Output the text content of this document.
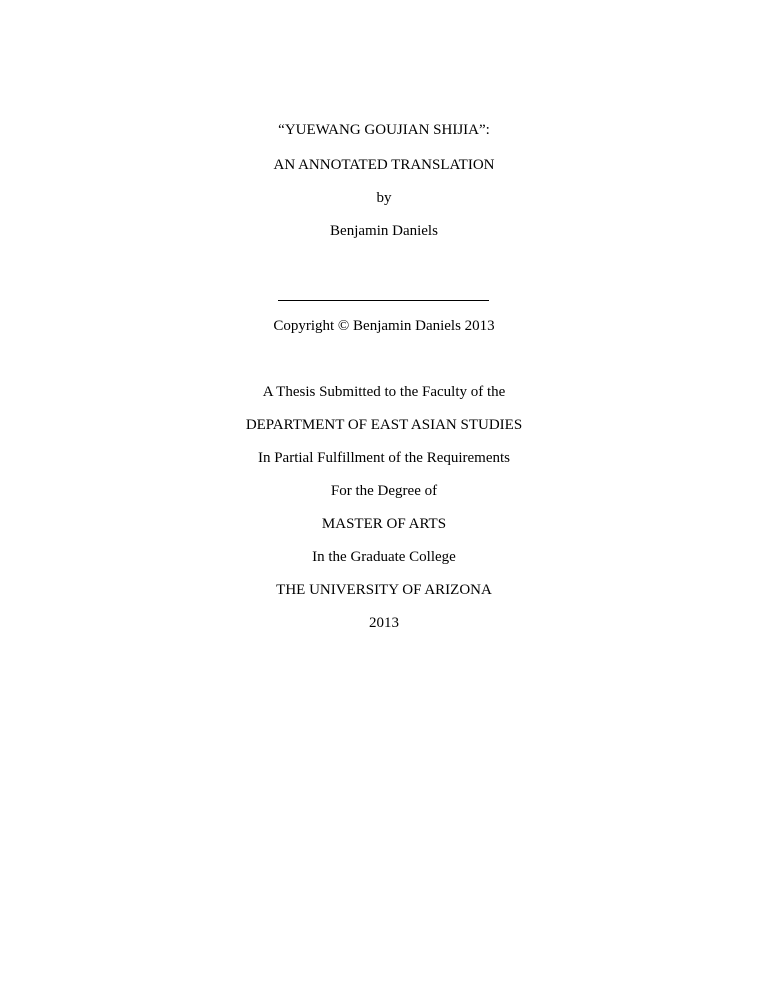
“YUEWANG GOUJIAN SHIJIA”:
AN ANNOTATED TRANSLATION
by
Benjamin Daniels
Copyright © Benjamin Daniels 2013
A Thesis Submitted to the Faculty of the
DEPARTMENT OF EAST ASIAN STUDIES
In Partial Fulfillment of the Requirements
For the Degree of
MASTER OF ARTS
In the Graduate College
THE UNIVERSITY OF ARIZONA
2013
